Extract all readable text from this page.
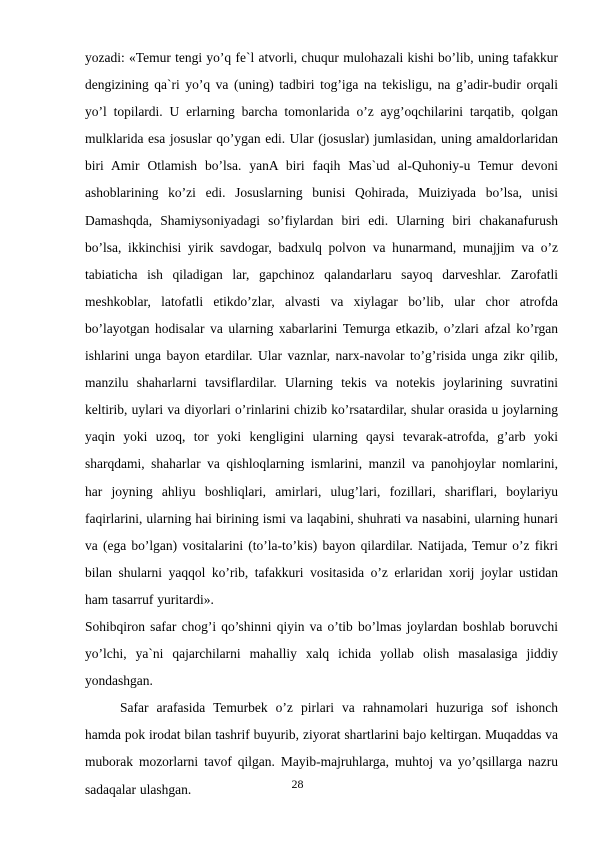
yozadi: «Temur tengi yo’q fe`l atvorli, chuqur mulohazali kishi bo’lib, uning tafakkur dengizining qa`ri yo’q va (uning) tadbiri tog’iga na tekisligu, na g’adir-budir orqali yo’l topilardi. U erlarning barcha tomonlarida o’z ayg’oqchilarini tarqatib, qolgan mulklarida esa josuslar qo’ygan edi. Ular (josuslar) jumlasidan, uning amaldorlaridan biri Amir Otlamish bo’lsa. yanA biri faqih Mas`ud al-Quhoniy-u Temur devoni ashoblarining ko’zi edi. Josuslarning bunisi Qohirada, Muiziyada bo’lsa, unisi Damashqda, Shamiysoniyadagi so’fiylardan biri edi. Ularning biri chakanafurush bo’lsa, ikkinchisi yirik savdogar, badxulq polvon va hunarmand, munajjim va o’z tabiaticha ish qiladigan lar, gapchinoz qalandarlaru sayoq darveshlar. Zarofatli meshkoblar, latofatli etikdo’zlar, alvasti va xiylagar bo’lib, ular chor atrofda bo’layotgan hodisalar va ularning xabarlarini Temurga etkazib, o’zlari afzal ko’rgan ishlarini unga bayon etardilar. Ular vaznlar, narx-navolar to’g’risida unga zikr qilib, manzilu shaharlarni tavsiflardilar. Ularning tekis va notekis joylarining suvratini keltirib, uylari va diyorlari o’rinlarini chizib ko’rsatardilar, shular orasida u joylarning yaqin yoki uzoq, tor yoki kengligini ularning qaysi tevarak-atrofda, g’arb yoki sharqdami, shaharlar va qishloqlarning ismlarini, manzil va panohjoylar nomlarini, har joyning ahliyu boshliqlari, amirlari, ulug’lari, fozillari, shariflari, boylariyu faqirlarini, ularning hai birining ismi va laqabini, shuhrati va nasabini, ularning hunari va (ega bo’lgan) vositalarini (to’la-to’kis) bayon qilardilar. Natijada, Temur o’z fikri bilan shularni yaqqol ko’rib, tafakkuri vositasida o’z erlaridan xorij joylar ustidan ham tasarruf yuritardi».

Sohibqiron safar chog’i qo’shinni qiyin va o’tib bo’lmas joylardan boshlab boruvchi yo’lchi, ya`ni qajarchilarni mahalliy xalq ichida yollab olish masalasiga jiddiy yondashgan.

Safar arafasida Temurbek o’z pirlari va rahnamolari huzuriga sof ishonch hamda pok irodat bilan tashrif buyurib, ziyorat shartlarini bajo keltirgan. Muqaddas va muborak mozorlarni tavof qilgan. Mayib-majruhlarga, muhtoj va yo’qsillarga nazru sadaqalar ulashgan.	28
